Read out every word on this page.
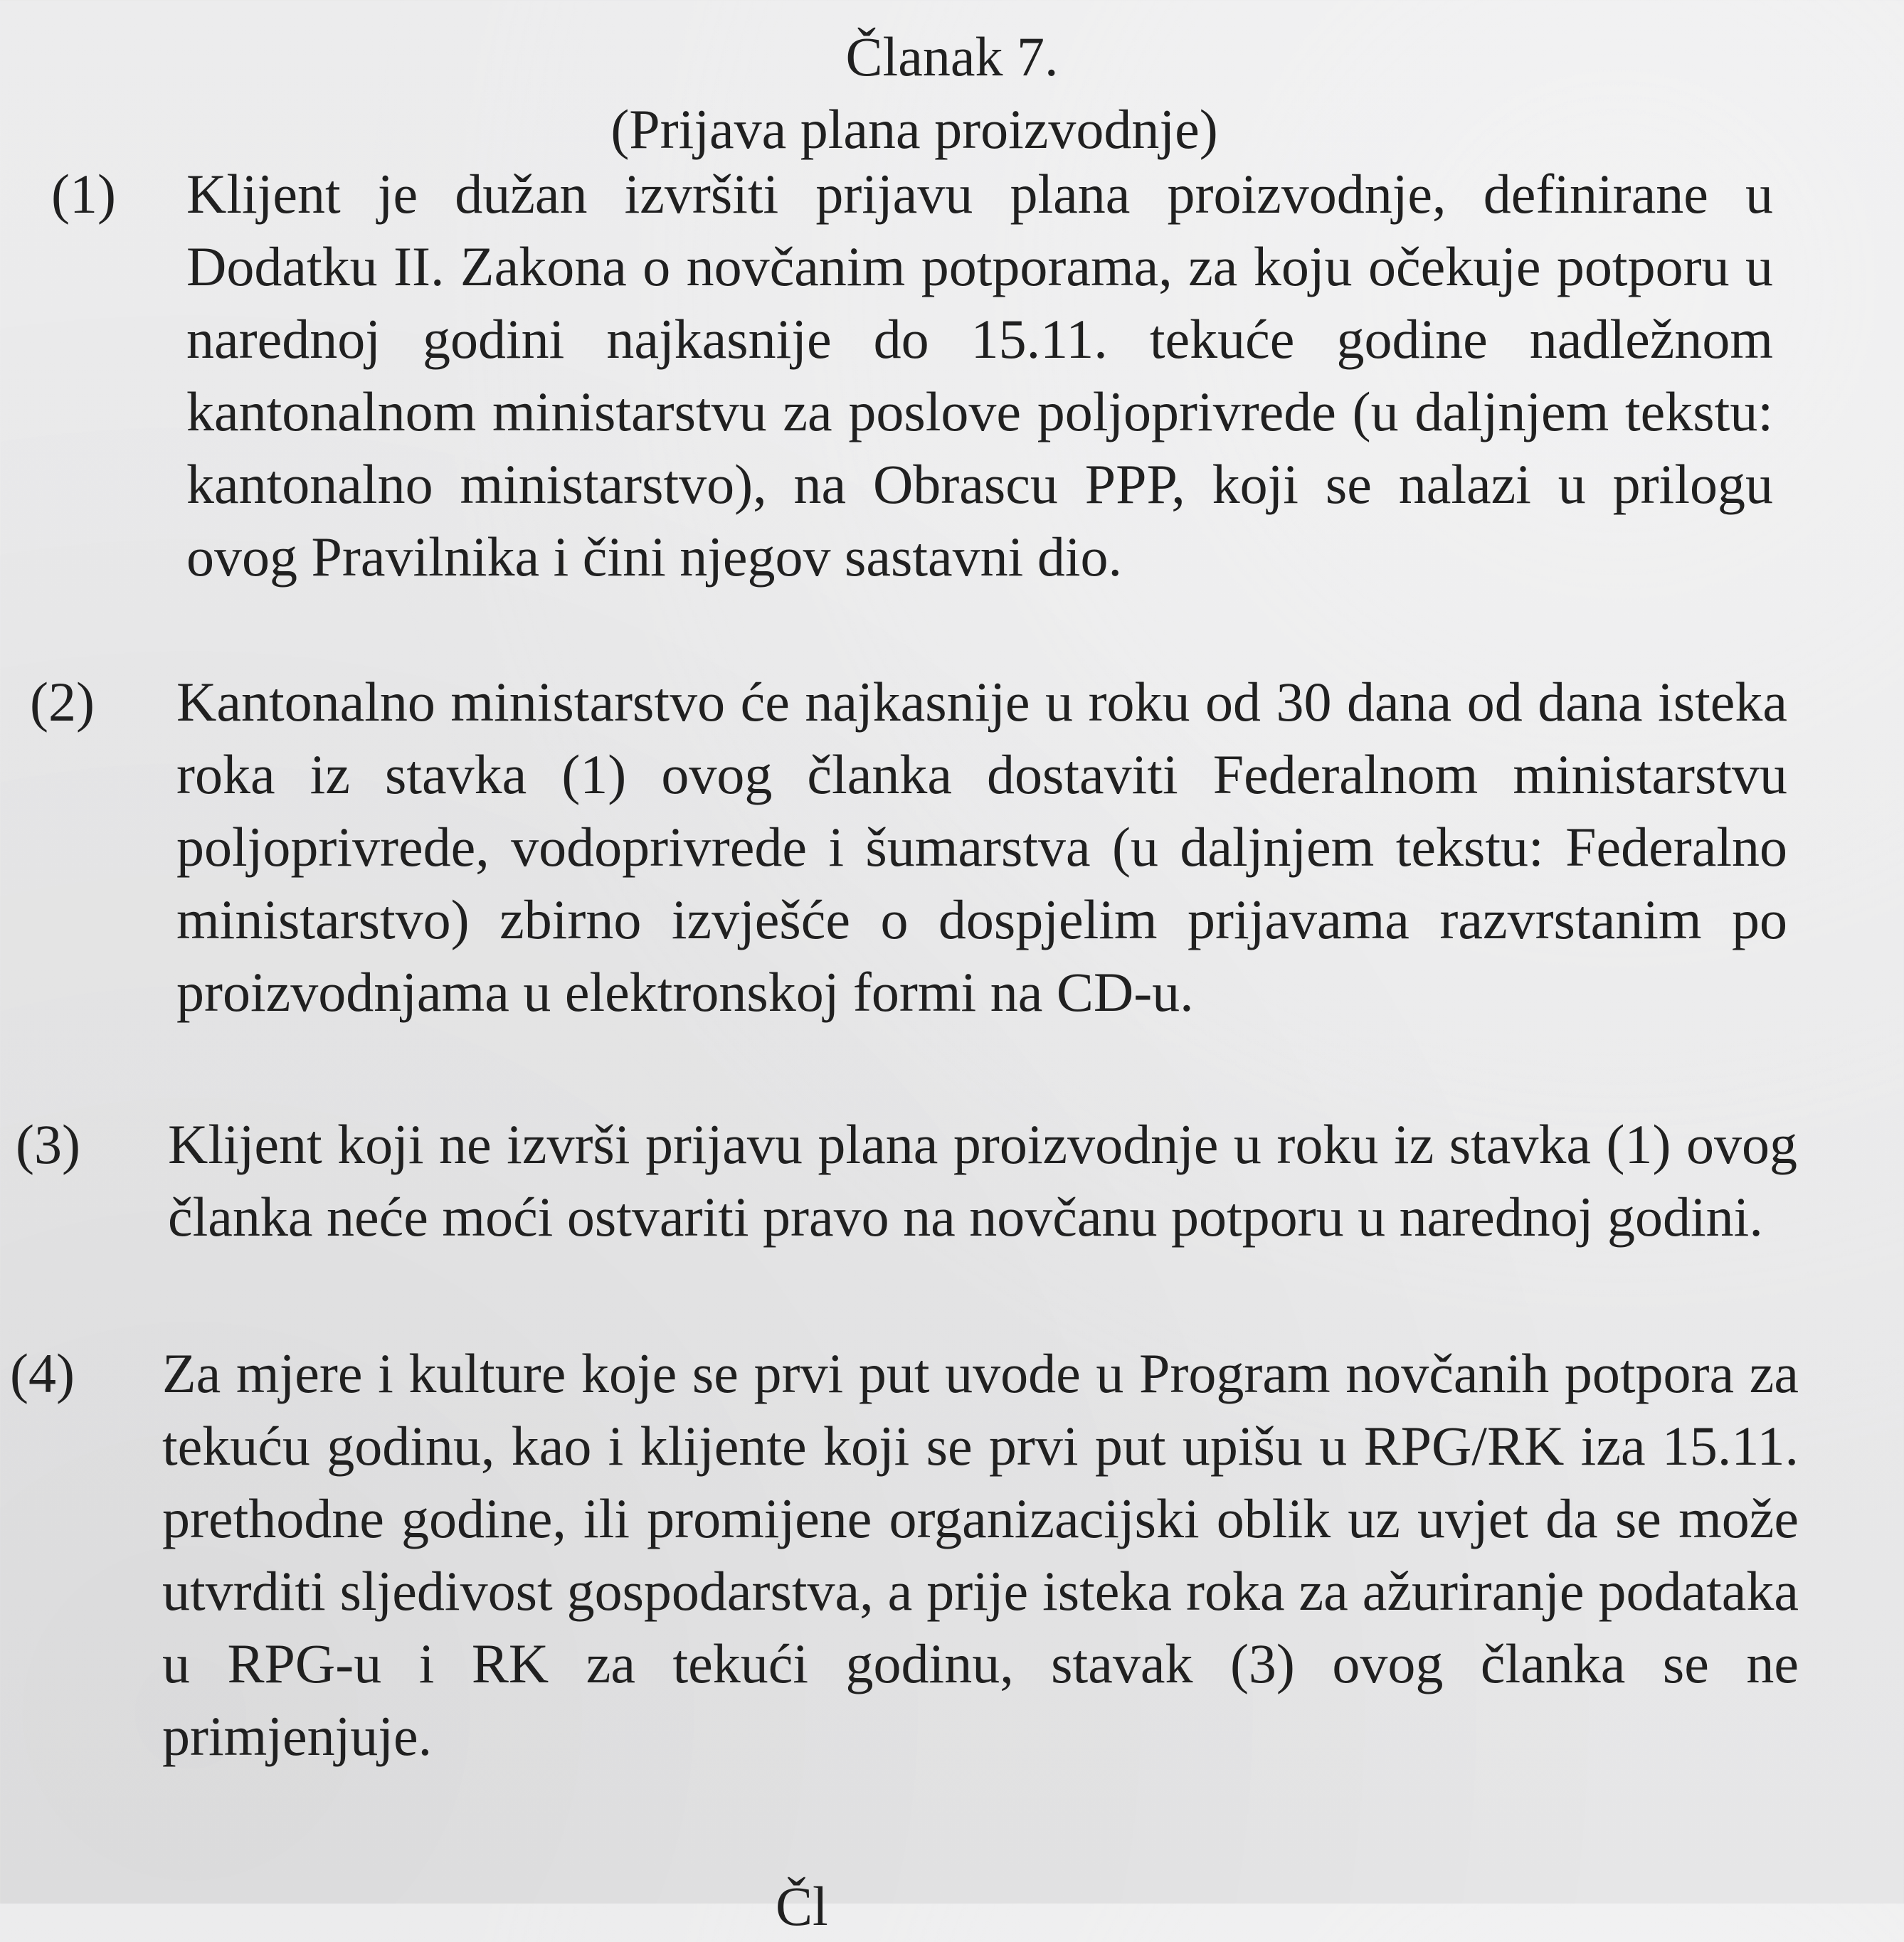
Članak 7.
(Prijava plana proizvodnje)
(1) Klijent je dužan izvršiti prijavu plana proizvodnje, definirane u Dodatku II. Zakona o novčanim potporama, za koju očekuje potporu u narednoj godini najkasnije do 15.11. tekuće godine nadležnom kantonalnom ministarstvu za poslove poljoprivrede (u daljnjem tekstu: kantonalno ministarstvo), na Obrascu PPP, koji se nalazi u prilogu ovog Pravilnika i čini njegov sastavni dio.

(2) Kantonalno ministarstvo će najkasnije u roku od 30 dana od dana isteka roka iz stavka (1) ovog članka dostaviti Federalnom ministarstvu poljoprivrede, vodoprivrede i šumarstva (u daljnjem tekstu: Federalno ministarstvo) zbirno izvješće o dospjelim prijavama razvrstanim po proizvodnjama u elektronskoj formi na CD-u.

(3) Klijent koji ne izvrši prijavu plana proizvodnje u roku iz stavka (1) ovog članka neće moći ostvariti pravo na novčanu potporu u narednoj godini.

(4) Za mjere i kulture koje se prvi put uvode u Program novčanih potpora za tekuću godinu, kao i klijente koji se prvi put upišu u RPG/RK iza 15.11. prethodne godine, ili promijene organizacijski oblik uz uvjet da se može utvrditi sljedivost gospodarstva, a prije isteka roka za ažuriranje podataka u RPG-u i RK za tekući godinu, stavak (3) ovog članka se ne primjenjuje.

Čl
